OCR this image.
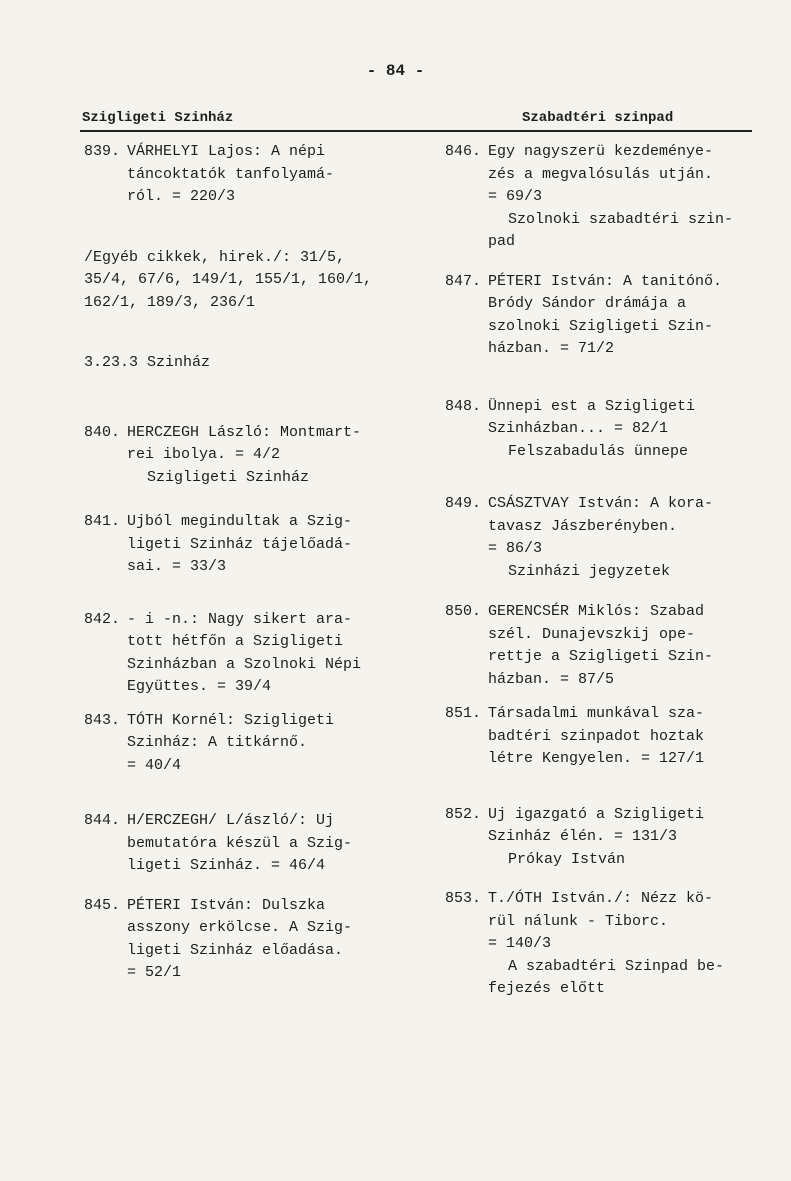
- 84 -
Szigligeti Szinház	Szabadtéri szinpad
839. VÁRHELYI Lajos: A népi
táncoktatók tanfolyamá-
ról. = 220/3
/Egyéb cikkek, hirek./: 31/5,
35/4, 67/6, 149/1, 155/1, 160/1,
162/1, 189/3, 236/1
3.23.3 Szinház
840. HERCZEGH László: Montmart-
rei ibolya. = 4/2
Szigligeti Szinház
841. Ujból megindultak a Szig-
ligeti Szinház tájelőadá-
sai. = 33/3
842. - i -n.: Nagy sikert ara-
tott hétfőn a Szigligeti
Szinházban a Szolnoki Népi
Együttes. = 39/4
843. TÓTH Kornél: Szigligeti
Szinház: A titkárnő.
= 40/4
844. H/ERCZEGH/ L/ászló/: Uj
bemutatóra készül a Szig-
ligeti Szinház. = 46/4
845. PÉTERI István: Dulszka
asszony erkölcse. A Szig-
ligeti Szinház előadása.
= 52/1
846. Egy nagyszerü kezdeménye-
zés a megvalósulás utján.
= 69/3
Szolnoki szabadtéri szin-
pad
847. PÉTERI István: A tanitónő.
Bródy Sándor drámája a
szolnoki Szigligeti Szin-
házban. = 71/2
848. Ünnepi est a Szigligeti
Szinházban... = 82/1
Felszabadulás ünnepe
849. CSÁSZTVAY István: A kora-
tavasz Jászberényben.
= 86/3
Szinházi jegyzetek
850. GERENCSÉR Miklós: Szabad
szél. Dunajevszkij ope-
rettje a Szigligeti Szin-
házban. = 87/5
851. Társadalmi munkával sza-
badtéri szinpadot hoztak
létre Kengyelen. = 127/1
852. Uj igazgató a Szigligeti
Szinház élén. = 131/3
Prókay István
853. T./ÓTH István./: Nézz kö-
rül nálunk - Tiborc.
= 140/3
A szabadtéri Szinpad be-
fejezés előtt
